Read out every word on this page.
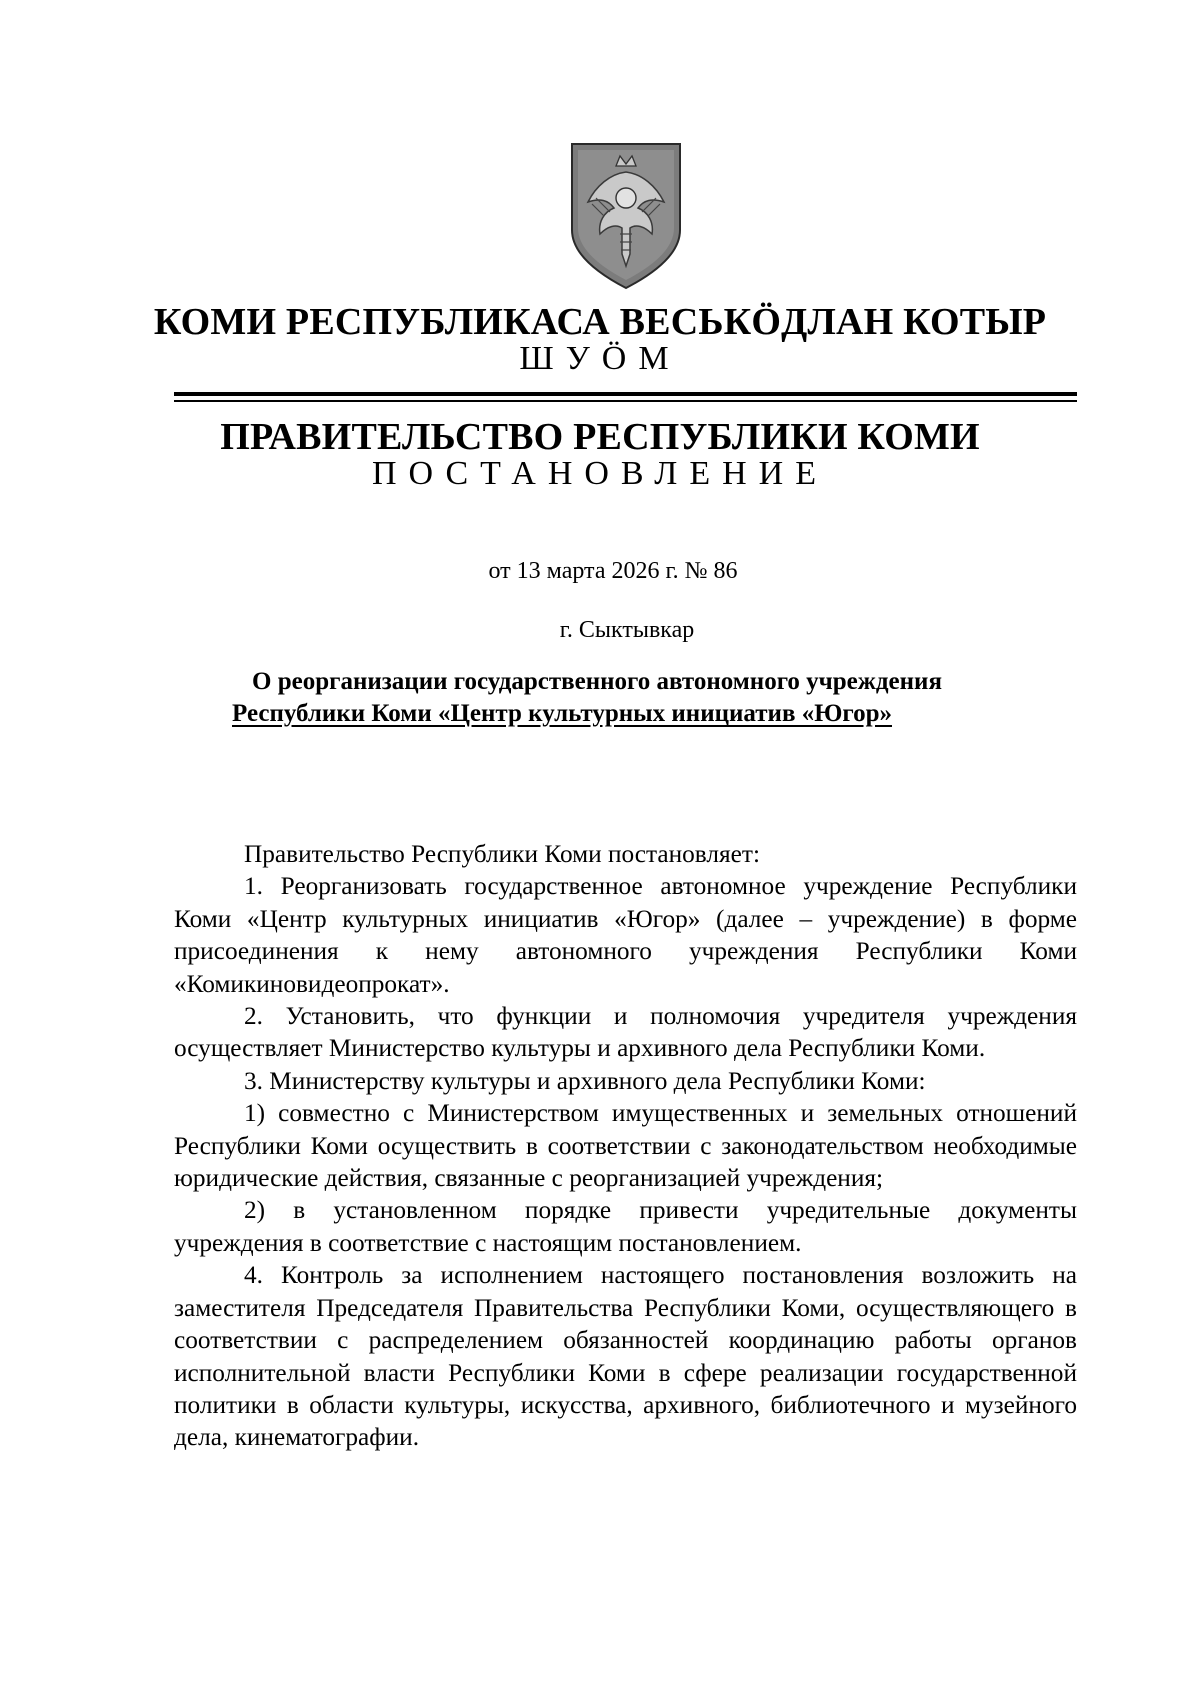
КОМИ РЕСПУБЛИКАСА ВЕСЬКӦДЛАН КОТЫР
ШУӦМ
ПРАВИТЕЛЬСТВО РЕСПУБЛИКИ КОМИ
ПОСТАНОВЛЕНИЕ
от 13 марта 2026 г. № 86
г. Сыктывкар
О реорганизации государственного автономного учреждения
Республики Коми «Центр культурных инициатив «Югор»

Правительство Республики Коми постановляет:

1. Реорганизовать государственное автономное учреждение Республики Коми «Центр культурных инициатив «Югор» (далее – учреждение) в форме присоединения к нему автономного учреждения Республики Коми «Комикиновидеопрокат».

2. Установить, что функции и полномочия учредителя учреждения осуществляет Министерство культуры и архивного дела Республики Коми.

3. Министерству культуры и архивного дела Республики Коми:

1) совместно с Министерством имущественных и земельных отношений Республики Коми осуществить в соответствии с законодательством необходимые юридические действия, связанные с реорганизацией учреждения;

2) в установленном порядке привести учредительные документы учреждения в соответствие с настоящим постановлением.

4. Контроль за исполнением настоящего постановления возложить на заместителя Председателя Правительства Республики Коми, осуществляющего в соответствии с распределением обязанностей координацию работы органов исполнительной власти Республики Коми в сфере реализации государственной политики в области культуры, искусства, архивного, библиотечного и музейного дела, кинематографии.
